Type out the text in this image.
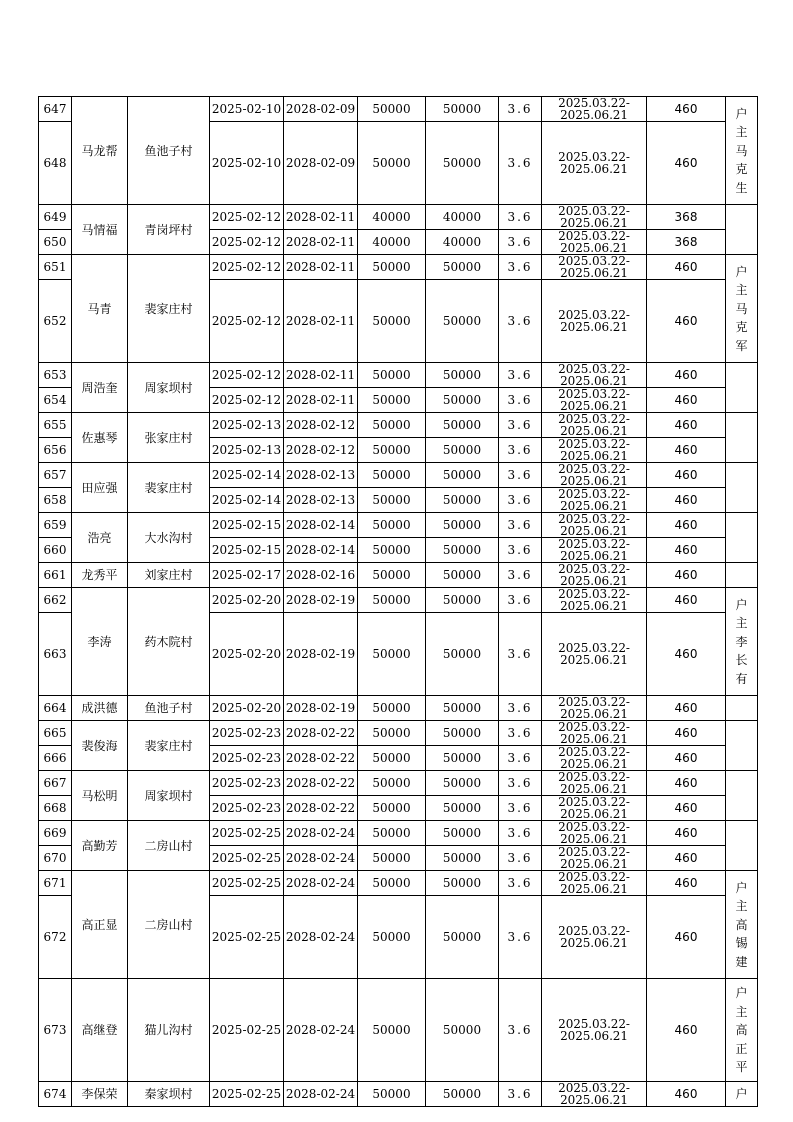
647	马龙帮	鱼池子村	2025-02-10	2028-02-09	50000	50000	3.6	2025.03.22-2025.06.21	460	户
主
马
克
生

648			2025-02-10	2028-02-09	50000	50000	3.6	2025.03.22-2025.06.21	460	
649	马情福	青岗坪村	2025-02-12	2028-02-11	40000	40000	3.6	2025.03.22-2025.06.21	368	
650			2025-02-12	2028-02-11	40000	40000	3.6	2025.03.22-2025.06.21	368	
651	马青	裴家庄村	2025-02-12	2028-02-11	50000	50000	3.6	2025.03.22-2025.06.21	460	户
主
马
克
军

652			2025-02-12	2028-02-11	50000	50000	3.6	2025.03.22-2025.06.21	460	
653	周浩奎	周家坝村	2025-02-12	2028-02-11	50000	50000	3.6	2025.03.22-2025.06.21	460	
654			2025-02-12	2028-02-11	50000	50000	3.6	2025.03.22-2025.06.21	460	
655	佐惠琴	张家庄村	2025-02-13	2028-02-12	50000	50000	3.6	2025.03.22-2025.06.21	460	
656			2025-02-13	2028-02-12	50000	50000	3.6	2025.03.22-2025.06.21	460	
657	田应强	裴家庄村	2025-02-14	2028-02-13	50000	50000	3.6	2025.03.22-2025.06.21	460	
658			2025-02-14	2028-02-13	50000	50000	3.6	2025.03.22-2025.06.21	460	
659	浩亮	大水沟村	2025-02-15	2028-02-14	50000	50000	3.6	2025.03.22-2025.06.21	460	
660			2025-02-15	2028-02-14	50000	50000	3.6	2025.03.22-2025.06.21	460	
661	龙秀平	刘家庄村	2025-02-17	2028-02-16	50000	50000	3.6	2025.03.22-2025.06.21	460	
662	李涛	药木院村	2025-02-20	2028-02-19	50000	50000	3.6	2025.03.22-2025.06.21	460	户
主
李
长
有

663			2025-02-20	2028-02-19	50000	50000	3.6	2025.03.22-2025.06.21	460	
664	成洪德	鱼池子村	2025-02-20	2028-02-19	50000	50000	3.6	2025.03.22-2025.06.21	460	
665	裴俊海	裴家庄村	2025-02-23	2028-02-22	50000	50000	3.6	2025.03.22-2025.06.21	460	
666			2025-02-23	2028-02-22	50000	50000	3.6	2025.03.22-2025.06.21	460	
667	马松明	周家坝村	2025-02-23	2028-02-22	50000	50000	3.6	2025.03.22-2025.06.21	460	
668			2025-02-23	2028-02-22	50000	50000	3.6	2025.03.22-2025.06.21	460	
669	高勤芳	二房山村	2025-02-25	2028-02-24	50000	50000	3.6	2025.03.22-2025.06.21	460	
670			2025-02-25	2028-02-24	50000	50000	3.6	2025.03.22-2025.06.21	460	
671	高正显	二房山村	2025-02-25	2028-02-24	50000	50000	3.6	2025.03.22-2025.06.21	460	户
主
高
锡
建

672			2025-02-25	2028-02-24	50000	50000	3.6	2025.03.22-2025.06.21	460	
673	高继登	猫儿沟村	2025-02-25	2028-02-24	50000	50000	3.6	2025.03.22-2025.06.21	460	户
主
高
正
平

674	李保荣	秦家坝村	2025-02-25	2028-02-24	50000	50000	3.6	2025.03.22-2025.06.21	460	户
